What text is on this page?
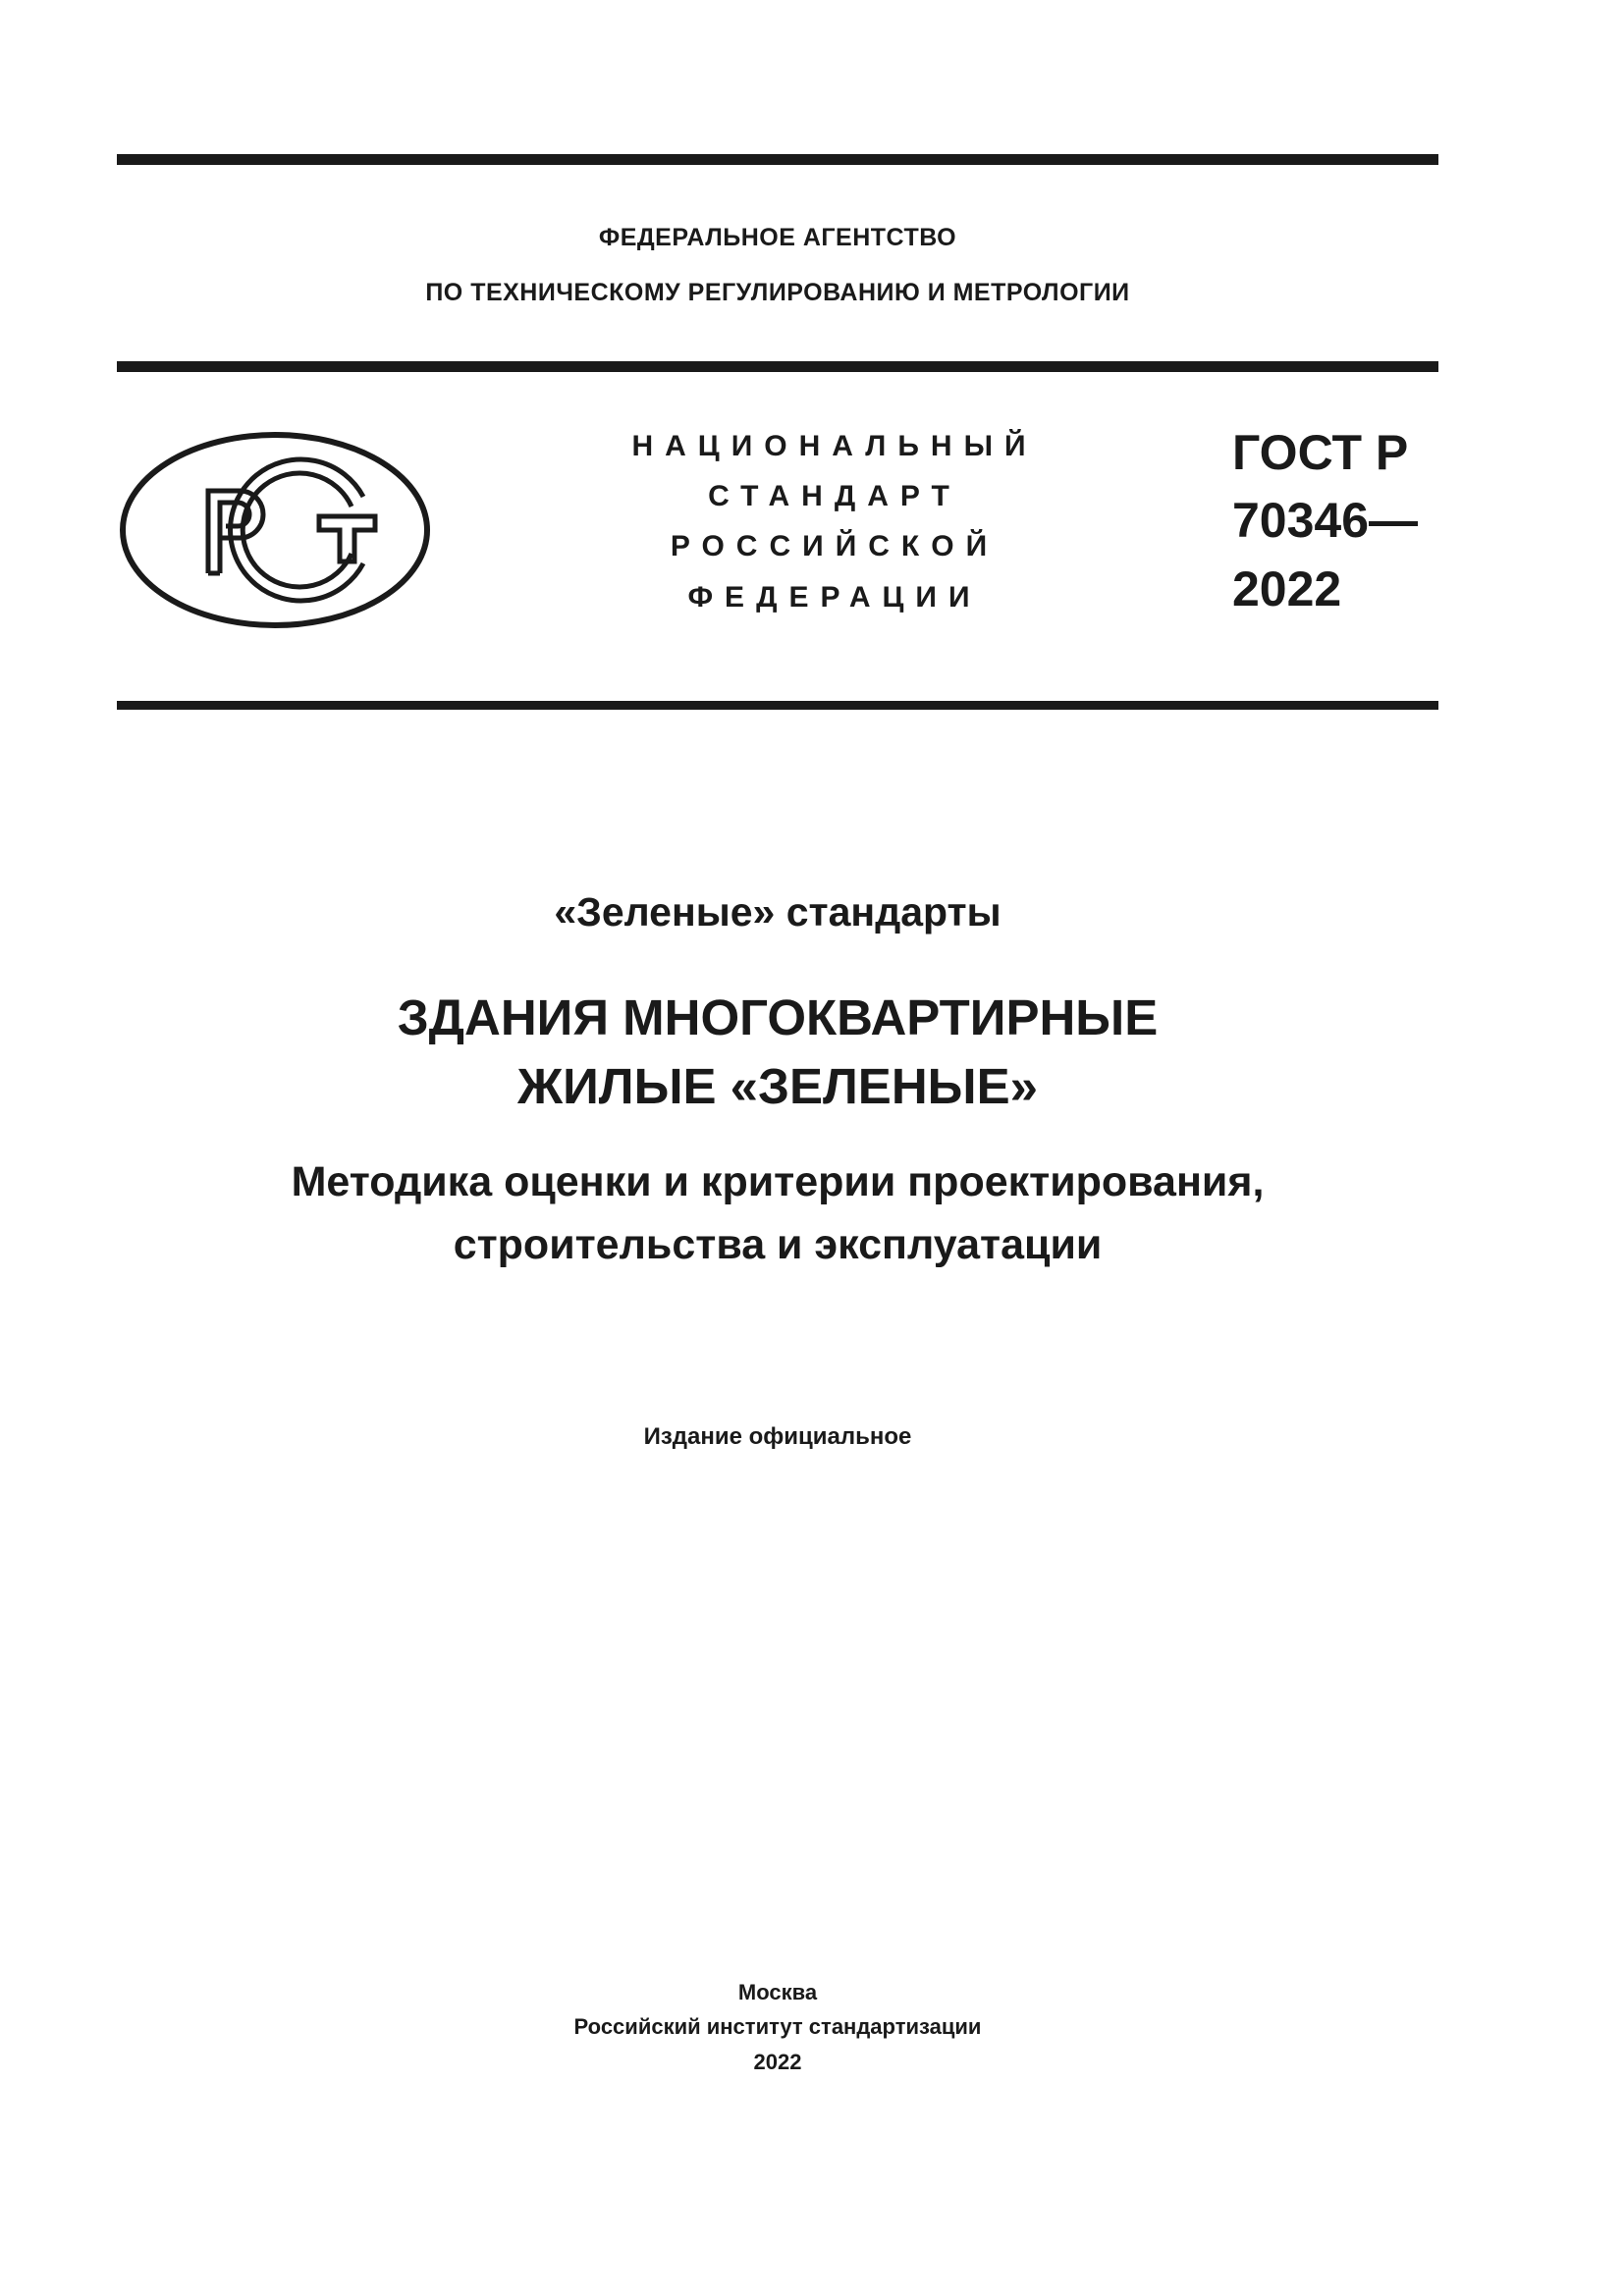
ФЕДЕРАЛЬНОЕ АГЕНТСТВО
ПО ТЕХНИЧЕСКОМУ РЕГУЛИРОВАНИЮ И МЕТРОЛОГИИ
НАЦИОНАЛЬНЫЙ
СТАНДАРТ
РОССИЙСКОЙ
ФЕДЕРАЦИИ
ГОСТ Р
70346—
2022
«Зеленые» стандарты
ЗДАНИЯ МНОГОКВАРТИРНЫЕ
ЖИЛЫЕ «ЗЕЛЕНЫЕ»
Методика оценки и критерии проектирования,
строительства и эксплуатации
Издание официальное
Москва
Российский институт стандартизации
2022
